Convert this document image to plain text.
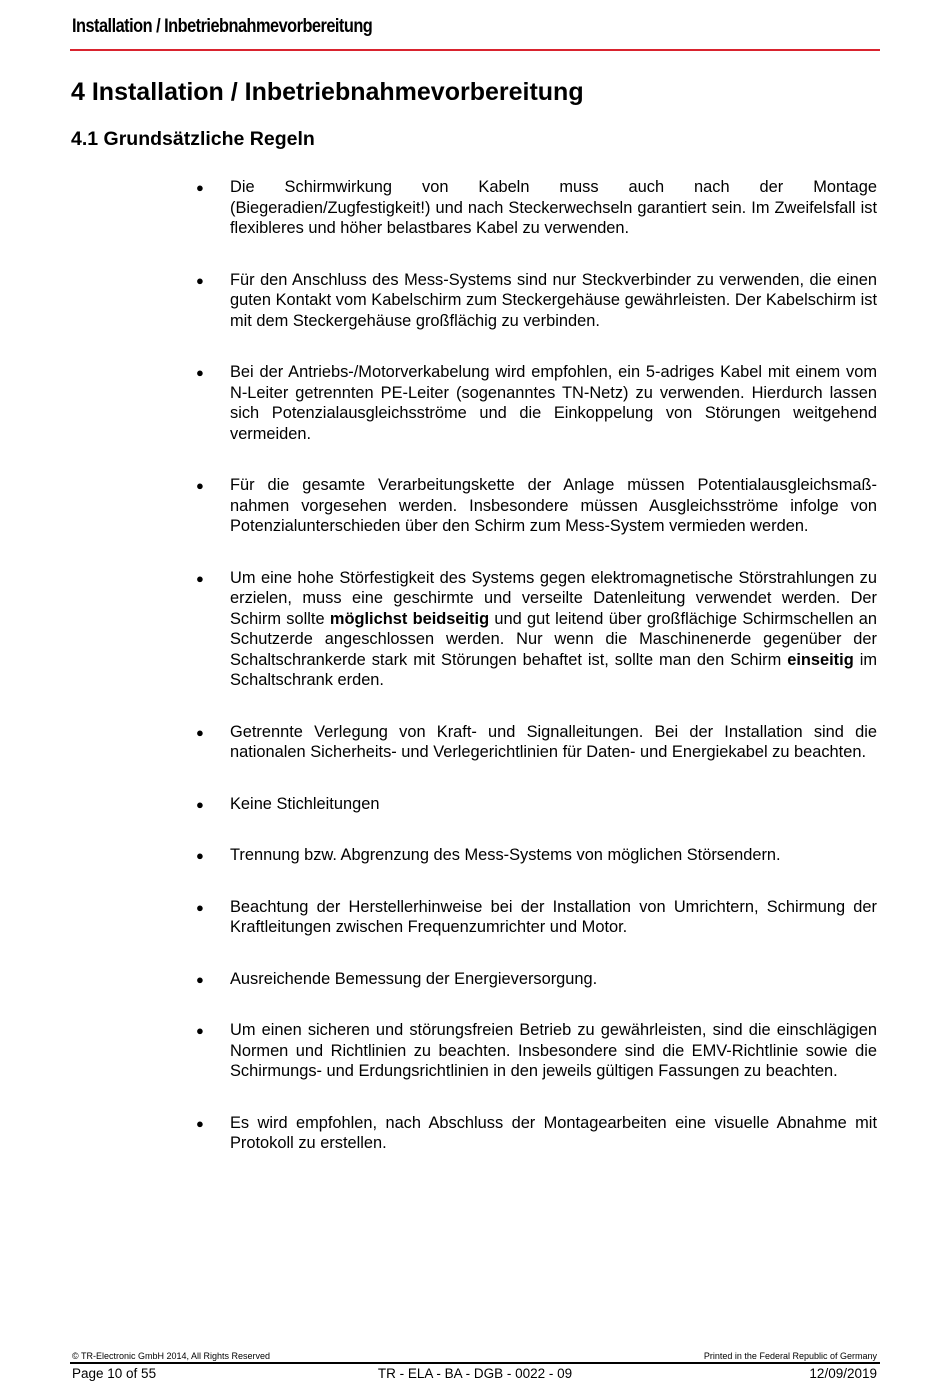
Installation / Inbetriebnahmevorbereitung
4 Installation / Inbetriebnahmevorbereitung
4.1 Grundsätzliche Regeln
● Die Schirmwirkung von Kabeln muss auch nach der Montage (Biegeradien/Zugfestigkeit!) und nach Steckerwechseln garantiert sein. Im Zweifelsfall ist flexibleres und höher belastbares Kabel zu verwenden.

● Für den Anschluss des Mess-Systems sind nur Steckverbinder zu verwenden, die einen guten Kontakt vom Kabelschirm zum Steckergehäuse gewährleisten. Der Kabelschirm ist mit dem Steckergehäuse großflächig zu verbinden.

● Bei der Antriebs-/Motorverkabelung wird empfohlen, ein 5-adriges Kabel mit einem vom N-Leiter getrennten PE-Leiter (sogenanntes TN-Netz) zu verwenden. Hierdurch lassen sich Potenzialausgleichsströme und die Einkoppelung von Störungen weitgehend vermeiden.

● Für die gesamte Verarbeitungskette der Anlage müssen Potentialausgleichsmaß-nahmen vorgesehen werden. Insbesondere müssen Ausgleichsströme infolge von Potenzialunterschieden über den Schirm zum Mess-System vermieden werden.

● Um eine hohe Störfestigkeit des Systems gegen elektromagnetische Störstrahlungen zu erzielen, muss eine geschirmte und verseilte Datenleitung verwendet werden. Der Schirm sollte möglichst beidseitig und gut leitend über großflächige Schirmschellen an Schutzerde angeschlossen werden. Nur wenn die Maschinenerde gegenüber der Schaltschrankerde stark mit Störungen behaftet ist, sollte man den Schirm einseitig im Schaltschrank erden.

● Getrennte Verlegung von Kraft- und Signalleitungen. Bei der Installation sind die nationalen Sicherheits- und Verlegerichtlinien für Daten- und Energiekabel zu beachten.

● Keine Stichleitungen

● Trennung bzw. Abgrenzung des Mess-Systems von möglichen Störsendern.

● Beachtung der Herstellerhinweise bei der Installation von Umrichtern, Schirmung der Kraftleitungen zwischen Frequenzumrichter und Motor.

● Ausreichende Bemessung der Energieversorgung.

● Um einen sicheren und störungsfreien Betrieb zu gewährleisten, sind die einschlägigen Normen und Richtlinien zu beachten. Insbesondere sind die EMV-Richtlinie sowie die Schirmungs- und Erdungsrichtlinien in den jeweils gültigen Fassungen zu beachten.

● Es wird empfohlen, nach Abschluss der Montagearbeiten eine visuelle Abnahme mit Protokoll zu erstellen.

© TR-Electronic GmbH 2014, All Rights Reserved	Printed in the Federal Republic of Germany
Page 10 of 55	TR - ELA - BA - DGB - 0022 - 09	12/09/2019
